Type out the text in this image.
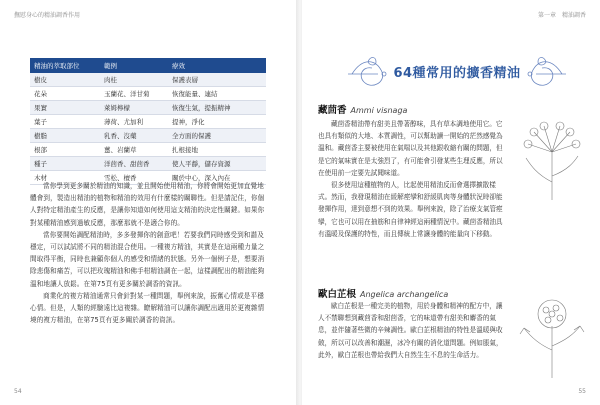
撫慰身心的精油調香作用
精油的萃取部位	範例	療效
樹皮	肉桂	保護表層
花朵	玉蘭花、洋甘菊	恢復能量、連結
果實	萊姆檸檬	恢復生氣，提振精神
葉子	薄荷、尤加利	提神，淨化
樹脂	乳香、沒藥	全方面的保護
根部	薑、岩蘭草	扎根接地
種子	洋茴香、甜茴香	使人平靜，儲存資源
木材	雪松、檀香	關於中心，深入內在

當你學到更多關於精油的知識，並且開始使用精油，你將會開始更加直覺地體會到，製造出精油的植物和精油的效用有什麼樣的關聯性。但是請記住，你個人對特定精油產生的反應，是讓你知道如何使用這支精油的決定性關鍵。如果你對某種精油感到過敏反應，那麼那就不是適合你的。

當你要開始調配精油時，多多發揮你的創意吧！若要我們同時感受到和諧及穩定，可以試試將不同的精油混合使用。一種複方精油，其實是在這兩種力量之間取得平衡，同時也兼顧你個人的感受和情緒的狀態。另外一個例子是，想要消除悲傷和痛苦，可以把玫瑰精油和佛手柑精油調在一起，這樣調配出的精油能夠溫和地讓人放鬆。在第75頁有更多關於調香的資訊。

商業化的複方精油通常只會針對某一種問題，舉例來說，振奮心情或是平穩心情。但是，人類的經驗遠比這複雜。瞭解精油可以讓你調配出適用於更複雜情境的複方精油，在第75頁有更多關於調香的資訊。

54
第一章　精油調香
64種常用的擴香精油
藏茴香 Ammi visnaga

藏茴香精油帶有甜美且帶著醇味，具有草本調地使用它。它也具有類似的大地、本質調性，可以幫助讀一開始的茫然感覺為溫和。藏茴香主要被使用在氣喘以及其他跟收縮有關的問題，但是它的氣味實在是太強烈了，有可能會引發某些生理反應，所以在使用前一定要先試聞味道。

很多使用這種植物的人，比起使用精油反而會選擇擴散樣式。然而，我發現精油在緩解痙攣和舒緩肌肉等身體狀況時卻能發揮作用，達到意想不到的效果。舉例來說，除了治療支氣管痙攣，它也可以用在抽筋和自律神經這兩種情況中。藏茴香精油具有溫暖及保護的特性，而且傳統上常讓身體的能量向下移動。

歐白芷根 Angelica archangelica

歐白芷根是一種完美的植物，用於身體和精神的配方中，讓人不禁聯想到藏茴香和甜茴香，它的味道帶有甜美和麝香的氣息，並伴隨著些微的辛辣調性。歐白芷根精油的特性是溫暖與收斂，所以可以改善和潮濕，冰冷有關的消化道問題。例如脹氣，此外，歐白芷根也帶給我們大自然生生不息的生命活力。

55
